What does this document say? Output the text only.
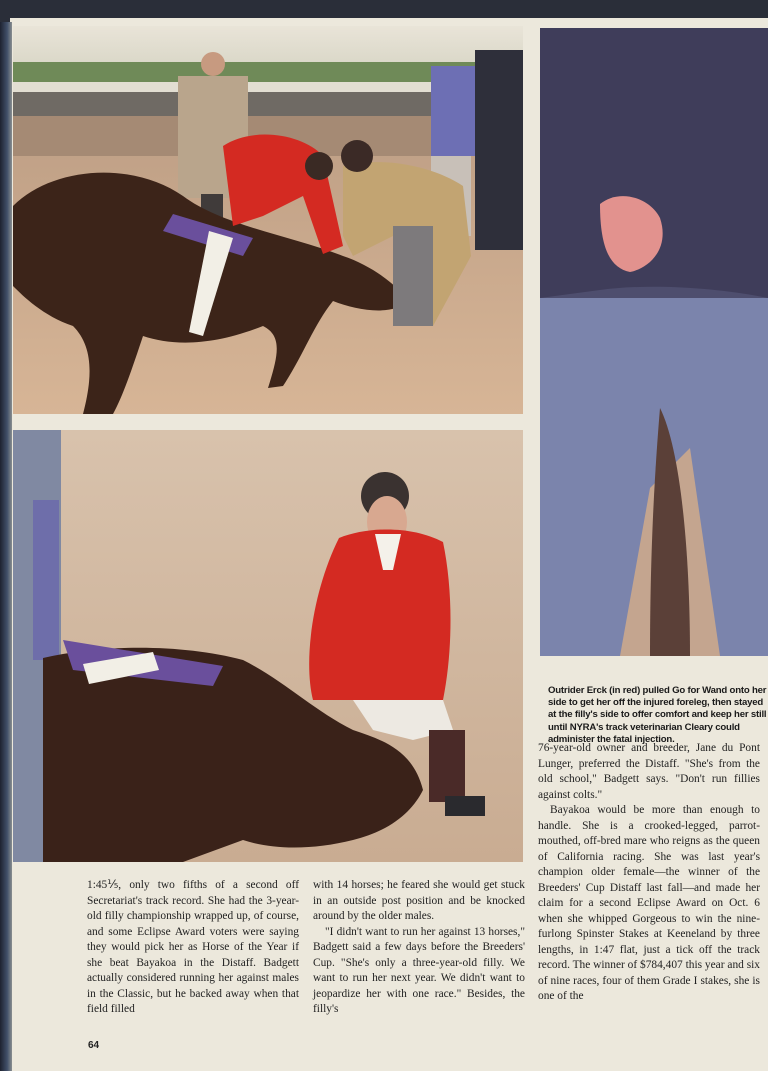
Outrider Erck (in red) pulled Go for Wand onto her side to get her off the injured foreleg, then stayed at the filly's side to offer comfort and keep her still until NYRA's track veterinarian Cleary could administer the fatal injection.

1:45⅕, only two fifths of a second off Secretariat's track record. She had the 3-year-old filly championship wrapped up, of course, and some Eclipse Award voters were saying they would pick her as Horse of the Year if she beat Bayakoa in the Distaff. Badgett actually considered running her against males in the Classic, but he backed away when that field filled

with 14 horses; he feared she would get stuck in an outside post position and be knocked around by the older males.

"I didn't want to run her against 13 horses," Badgett said a few days before the Breeders' Cup. "She's only a three-year-old filly. We want to run her next year. We didn't want to jeopardize her with one race." Besides, the filly's

76-year-old owner and breeder, Jane du Pont Lunger, preferred the Distaff. "She's from the old school," Badgett says. "Don't run fillies against colts."

Bayakoa would be more than enough to handle. She is a crooked-legged, parrot-mouthed, off-bred mare who reigns as the queen of California racing. She was last year's champion older female—the winner of the Breeders' Cup Distaff last fall—and made her claim for a second Eclipse Award on Oct. 6 when she whipped Gorgeous to win the nine-furlong Spinster Stakes at Keeneland by three lengths, in 1:47 flat, just a tick off the track record. The winner of $784,407 this year and six of nine races, four of them Grade I stakes, she is one of the

64
